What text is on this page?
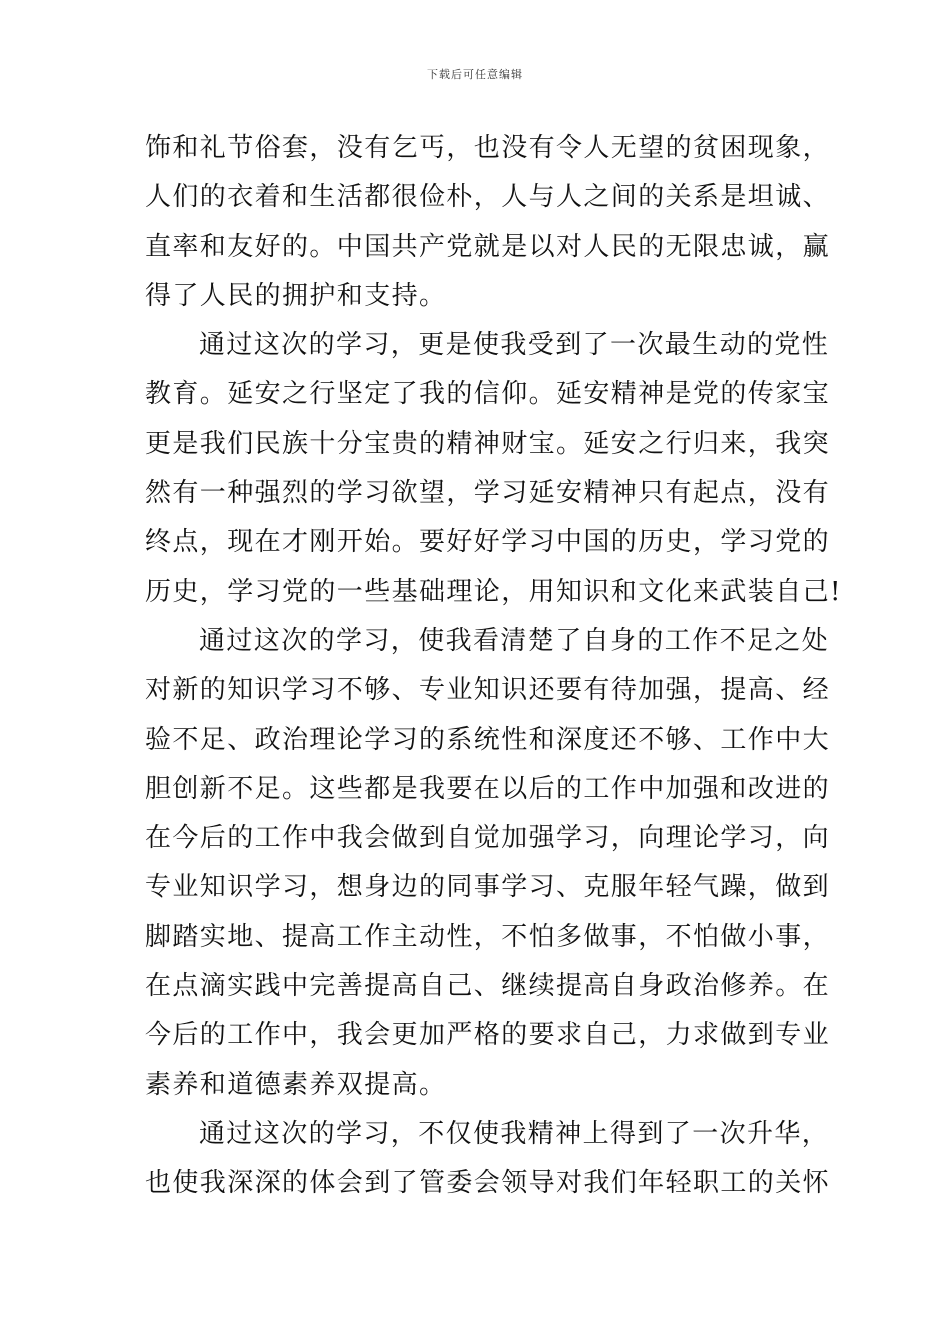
下载后可任意编辑
饰和礼节俗套，没有乞丐，也没有令人无望的贫困现象，
人们的衣着和生活都很俭朴，人与人之间的关系是坦诚、
直率和友好的。中国共产党就是以对人民的无限忠诚，赢
得了人民的拥护和支持。
通过这次的学习，更是使我受到了一次最生动的党性
教育。延安之行坚定了我的信仰。延安精神是党的传家宝
更是我们民族十分宝贵的精神财宝。延安之行归来，我突
然有一种强烈的学习欲望，学习延安精神只有起点，没有
终点，现在才刚开始。要好好学习中国的历史，学习党的
历史，学习党的一些基础理论，用知识和文化来武装自己!
通过这次的学习，使我看清楚了自身的工作不足之处
对新的知识学习不够、专业知识还要有待加强，提高、经
验不足、政治理论学习的系统性和深度还不够、工作中大
胆创新不足。这些都是我要在以后的工作中加强和改进的
在今后的工作中我会做到自觉加强学习，向理论学习，向
专业知识学习，想身边的同事学习、克服年轻气躁，做到
脚踏实地、提高工作主动性，不怕多做事，不怕做小事，
在点滴实践中完善提高自己、继续提高自身政治修养。在
今后的工作中，我会更加严格的要求自己，力求做到专业
素养和道德素养双提高。
通过这次的学习，不仅使我精神上得到了一次升华，
也使我深深的体会到了管委会领导对我们年轻职工的关怀
